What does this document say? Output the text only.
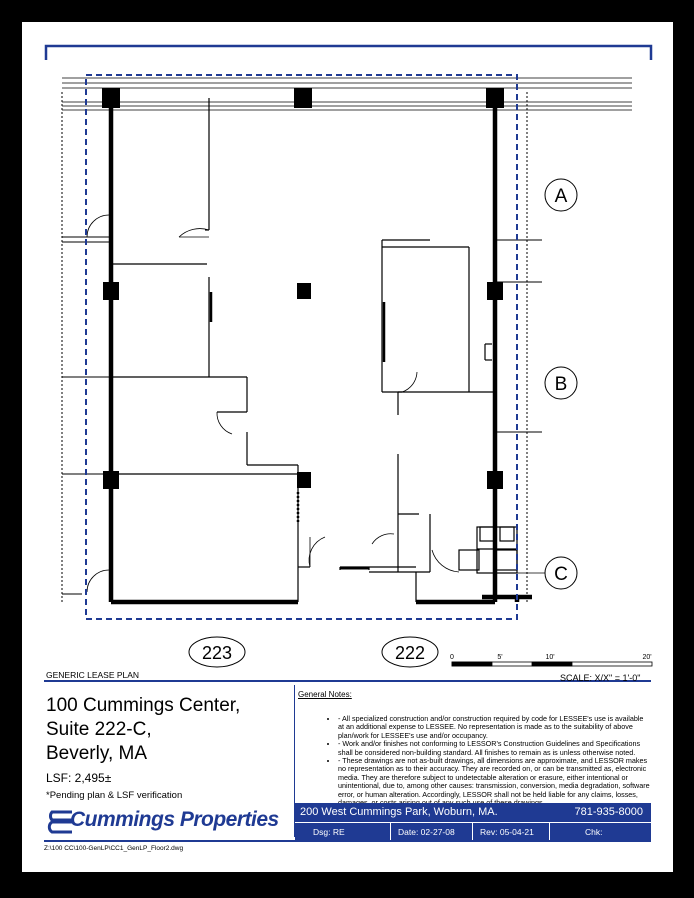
A
B
C
223	222	0	5'	10'	20'
GENERIC LEASE PLAN	SCALE: X/X" = 1'-0"
100 Cummings Center,
Suite 222-C,
Beverly, MA
LSF: 2,495±
*Pending plan & LSF verification
General Notes:
• - All specialized construction and/or construction required by code for LESSEE's use is available at an additional expense to LESSEE. No representation is made as to the suitability of above plan/work for LESSEE's use and/or occupancy.
• - Work and/or finishes not conforming to LESSOR's Construction Guidelines and Specifications shall be considered non-building standard. All finishes to remain as is unless otherwise noted.
• - These drawings are not as-built drawings, all dimensions are approximate, and LESSOR makes no representation as to their accuracy. They are recorded on, or can be transmitted as, electronic media. They are therefore subject to undetectable alteration or erasure, either intentional or unintentional, due to, among other causes: transmission, conversion, media degradation, software error, or human alteration. Accordingly, LESSOR shall not be held liable for any claims, losses,
Cummings Properties 200 West Cummings Park, Woburn, MA.	781-935-8000
Dsg: RE	Date: 02-27-08	Rev: 05-04-21	Chk:
Z:\100 CC\100-GenLP\CC1_GenLP_Floor2.dwg
